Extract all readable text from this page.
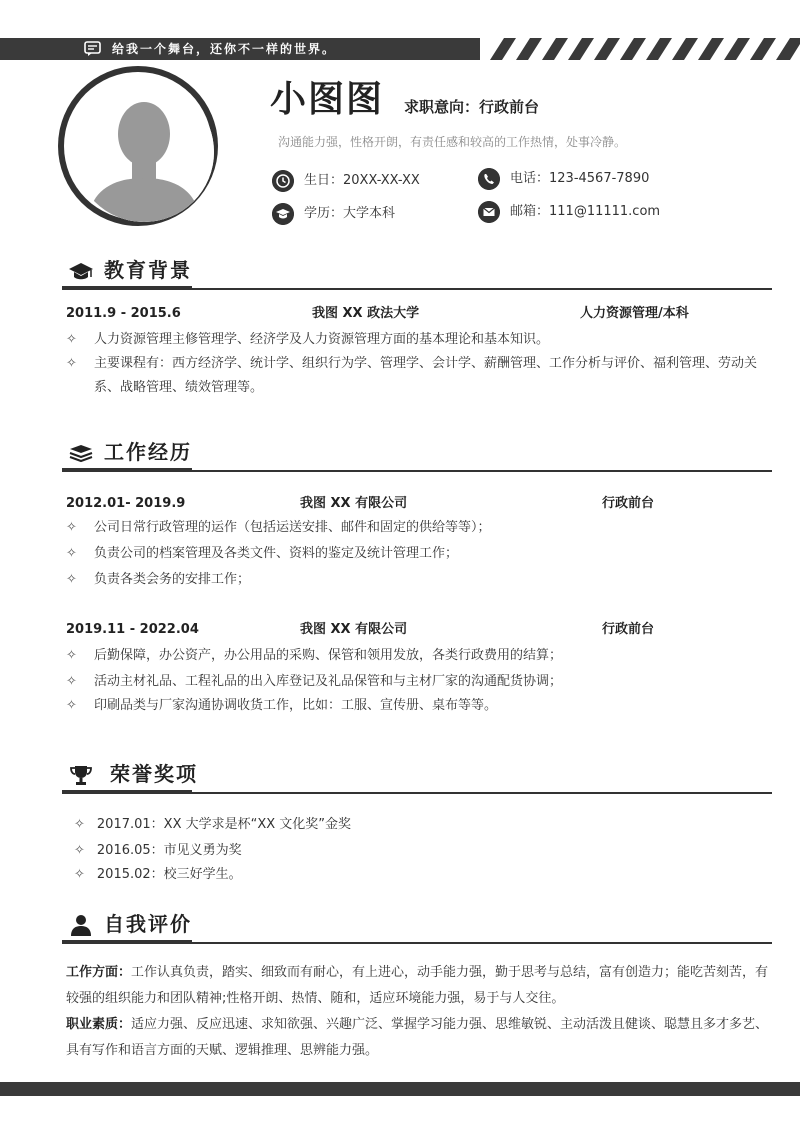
给我一个舞台，还你不一样的世界。
小图图 求职意向：行政前台
沟通能力强，性格开朗，有责任感和较高的工作热情，处事冷静。
生日：20XX-XX-XX
学历：大学本科
电话：123-4567-7890
邮箱：111@11111.com
教育背景
2011.9 - 2015.6	我图 XX 政法大学	人力资源管理/本科
✧	人力资源管理主修管理学、经济学及人力资源管理方面的基本理论和基本知识。
✧	主要课程有：西方经济学、统计学、组织行为学、管理学、会计学、薪酬管理、工作分析与评价、福利管理、劳动关系、战略管理、绩效管理等。
工作经历
2012.01- 2019.9	我图 XX 有限公司	行政前台
✧	公司日常行政管理的运作（包括运送安排、邮件和固定的供给等等）；
✧	负责公司的档案管理及各类文件、资料的鉴定及统计管理工作；
✧	负责各类会务的安排工作；
2019.11 - 2022.04	我图 XX 有限公司	行政前台
✧	后勤保障，办公资产，办公用品的采购、保管和领用发放，各类行政费用的结算；
✧	活动主材礼品、工程礼品的出入库登记及礼品保管和与主材厂家的沟通配货协调；
✧	印刷品类与厂家沟通协调收货工作，比如：工服、宣传册、桌布等等。
荣誉奖项
✧ 2017.01：XX 大学求是杯“XX 文化奖”金奖
✧ 2016.05：市见义勇为奖
✧ 2015.02：校三好学生。
自我评价
工作方面：工作认真负责，踏实、细致而有耐心，有上进心，动手能力强，勤于思考与总结，富有创造力；能吃苦刻苦，有较强的组织能力和团队精神;性格开朗、热情、随和，适应环境能力强，易于与人交往。
职业素质：适应力强、反应迅速、求知欲强、兴趣广泛、掌握学习能力强、思维敏锐、主动活泼且健谈、聪慧且多才多艺、具有写作和语言方面的天赋、逻辑推理、思辨能力强。
